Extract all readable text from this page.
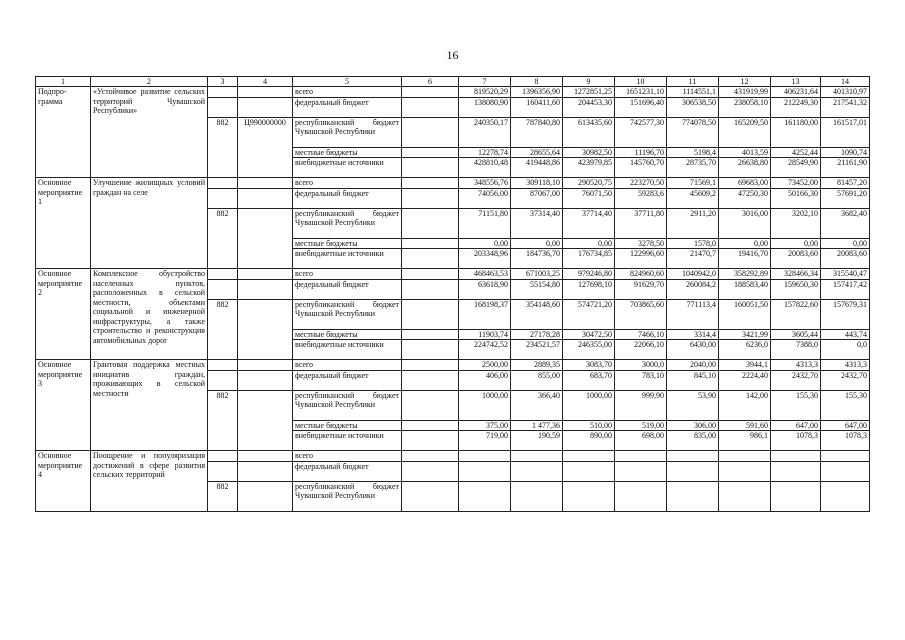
16
1	2	3	4	5	6	7	8	9	10	11	12	13	14
Подпро-грамма	«Устойчивое развитие сельских территорий Чувашской Республики»			всего		819520,29	1396356,90	1272851,25	1651231,10	1114551,1	431919,99	406231,64	401310,97
				федеральный бюджет		138080,90	160411,60	204453,30	151696,40	306538,50	238058,10	212249,30	217541,32
		882	Ц990000000	республиканский бюджет Чувашской Республики		240350,17	787840,80	613435,60	742577,30	774078,50	165209,50	161180,00	161517,01
				местные бюджеты		12278,74	28655,64	30982,50	11196,70	5198,4	4013,59	4252,44	1090,74
				внебюджетные источники		428810,48	419448,86	423979,85	145760,70	28735,70	26638,80	28549,90	21161,90
Основное мероприятие 1	Улучшение жилищных условий граждан на селе			всего		348556,76	309118,10	290520,75	223270,50	71569,1	69683,00	73452,00	81457,20
				федеральный бюджет		74056,00	87067,00	76071,50	59283,6	45609,2	47250,30	50166,30	57691,20
		882		республиканский бюджет Чувашской Республики		71151,80	37314,40	37714,40	37711,80	2911,20	3016,00	3202,10	3682,40
				местные бюджеты		0,00	0,00	0,00	3278,50	1578,0	0,00	0,00	0,00
				внебюджетные источники		203348,96	184736,70	176734,85	122996,60	21470,7	19416,70	20083,60	20083,60
Основное мероприятие 2	Комплексное обустройство населенных пунктов, расположенных в сельской местности, объектами социальной и инженерной инфраструктуры, а также строительство и реконструкция автомобильных дорог			всего		468463,53	671003,25	979246,80	824960,60	1040942,0	358292,89	328466,34	315540,47
				федеральный бюджет		63618,90	55154,80	127698,10	91629,70	260084,2	188583,40	159650,30	157417,42
		882		республиканский бюджет Чувашской Республики		168198,37	354148,60	574721,20	703865,60	771113,4	160051,50	157822,60	157679,31
				местные бюджеты		11903,74	27178,28	30472,50	7466,10	3314,4	3421,99	3605,44	443,74
				внебюджетные источники		224742,52	234521,57	246355,00	22066,10	6430,00	6236,0	7388,0	0,0
Основное мероприятие 3	Грантовая поддержка местных инициатив граждан, проживающих в сельской местности			всего		2500,00	2889,35	3083,70	3000,0	2040,00	3944,1	4313,3	4313,3
				федеральный бюджет		406,00	855,00	683,70	783,10	845,10	2224,40	2432,70	2432,70
		882		республиканский бюджет Чувашской Республики		1000,00	366,40	1000,00	999,90	53,90	142,00	155,30	155,30
				местные бюджеты		375,00	1 477,36	510,00	519,00	306,00	591,60	647,00	647,00
				внебюджетные источники		719,00	190,59	890,00	698,00	835,00	986,1	1078,3	1078,3
Основное мероприятие 4	Поощрение и популяризация достижений в сфере развития сельских территорий			всего									
				федеральный бюджет									
		882		республиканский бюджет Чувашской Республики									
